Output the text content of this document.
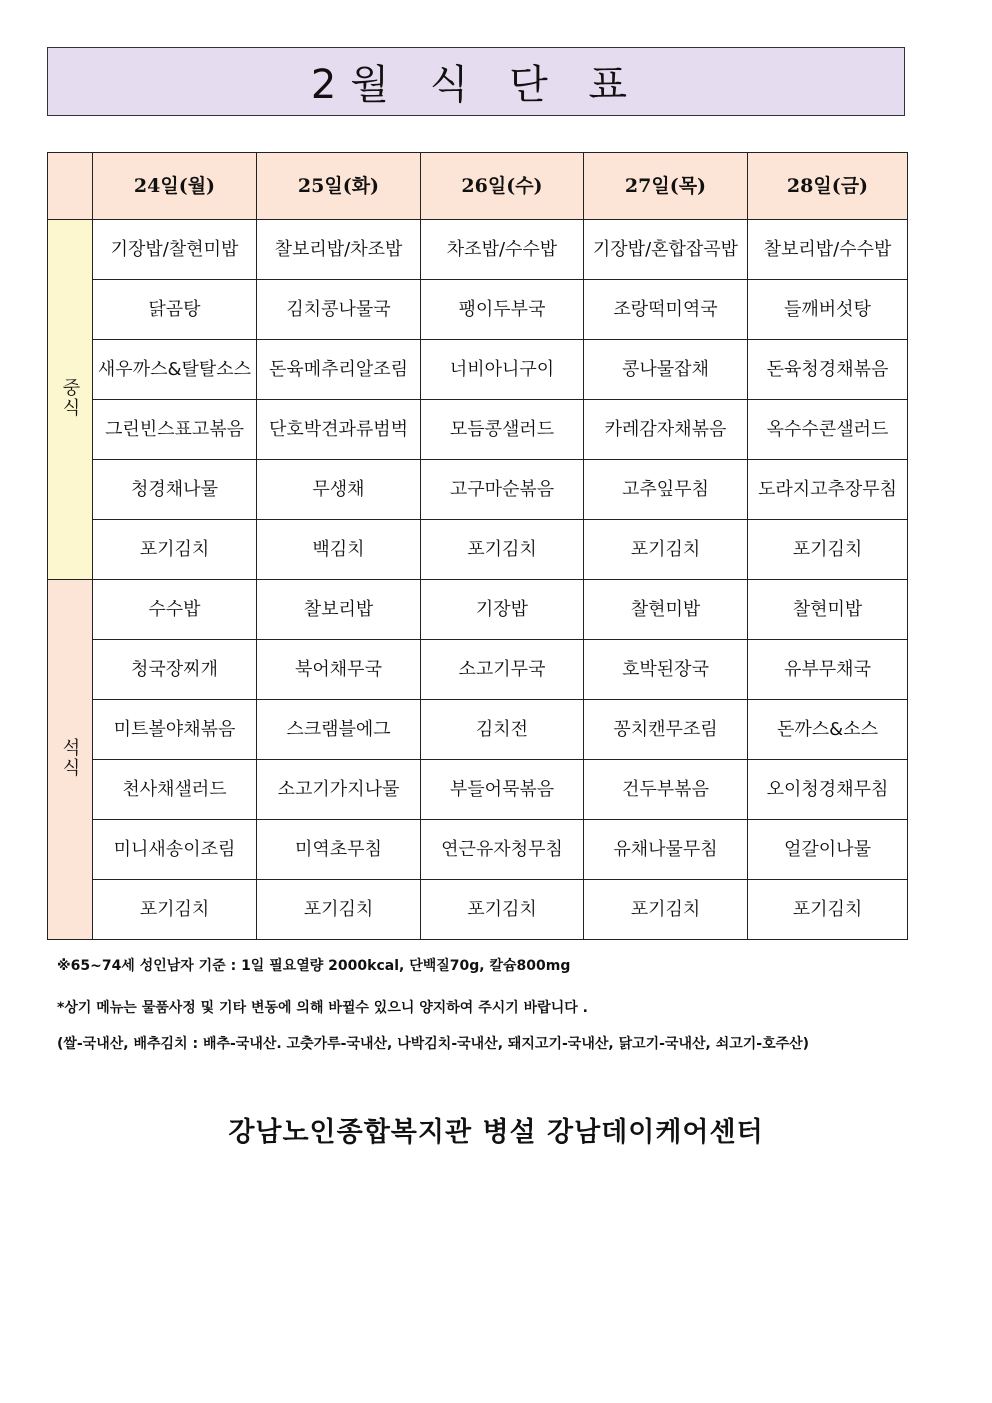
2월 식 단 표
	24일(월)	25일(화)	26일(수)	27일(목)	28일(금)
중식	기장밥/찰현미밥	찰보리밥/차조밥	차조밥/수수밥	기장밥/혼합잡곡밥	찰보리밥/수수밥
	닭곰탕	김치콩나물국	팽이두부국	조랑떡미역국	들깨버섯탕
	새우까스&탈탈소스	돈육메추리알조림	너비아니구이	콩나물잡채	돈육청경채볶음
	그린빈스표고볶음	단호박견과류범벅	모듬콩샐러드	카레감자채볶음	옥수수콘샐러드
	청경채나물	무생채	고구마순볶음	고추잎무침	도라지고추장무침
	포기김치	백김치	포기김치	포기김치	포기김치
석식	수수밥	찰보리밥	기장밥	찰현미밥	찰현미밥
	청국장찌개	북어채무국	소고기무국	호박된장국	유부무채국
	미트볼야채볶음	스크램블에그	김치전	꽁치캔무조림	돈까스&소스
	천사채샐러드	소고기가지나물	부들어묵볶음	건두부볶음	오이청경채무침
	미니새송이조림	미역초무침	연근유자청무침	유채나물무침	얼갈이나물
	포기김치	포기김치	포기김치	포기김치	포기김치
※65~74세 성인남자 기준 : 1일 필요열량 2000kcal, 단백질70g, 칼슘800mg
*상기 메뉴는 물품사정 및 기타 변동에 의해 바뀔수 있으니 양지하여 주시기 바랍니다 .
(쌀-국내산, 배추김치 : 배추-국내산. 고춧가루-국내산, 나박김치-국내산, 돼지고기-국내산, 닭고기-국내산, 쇠고기-호주산)
강남노인종합복지관 병설 강남데이케어센터
